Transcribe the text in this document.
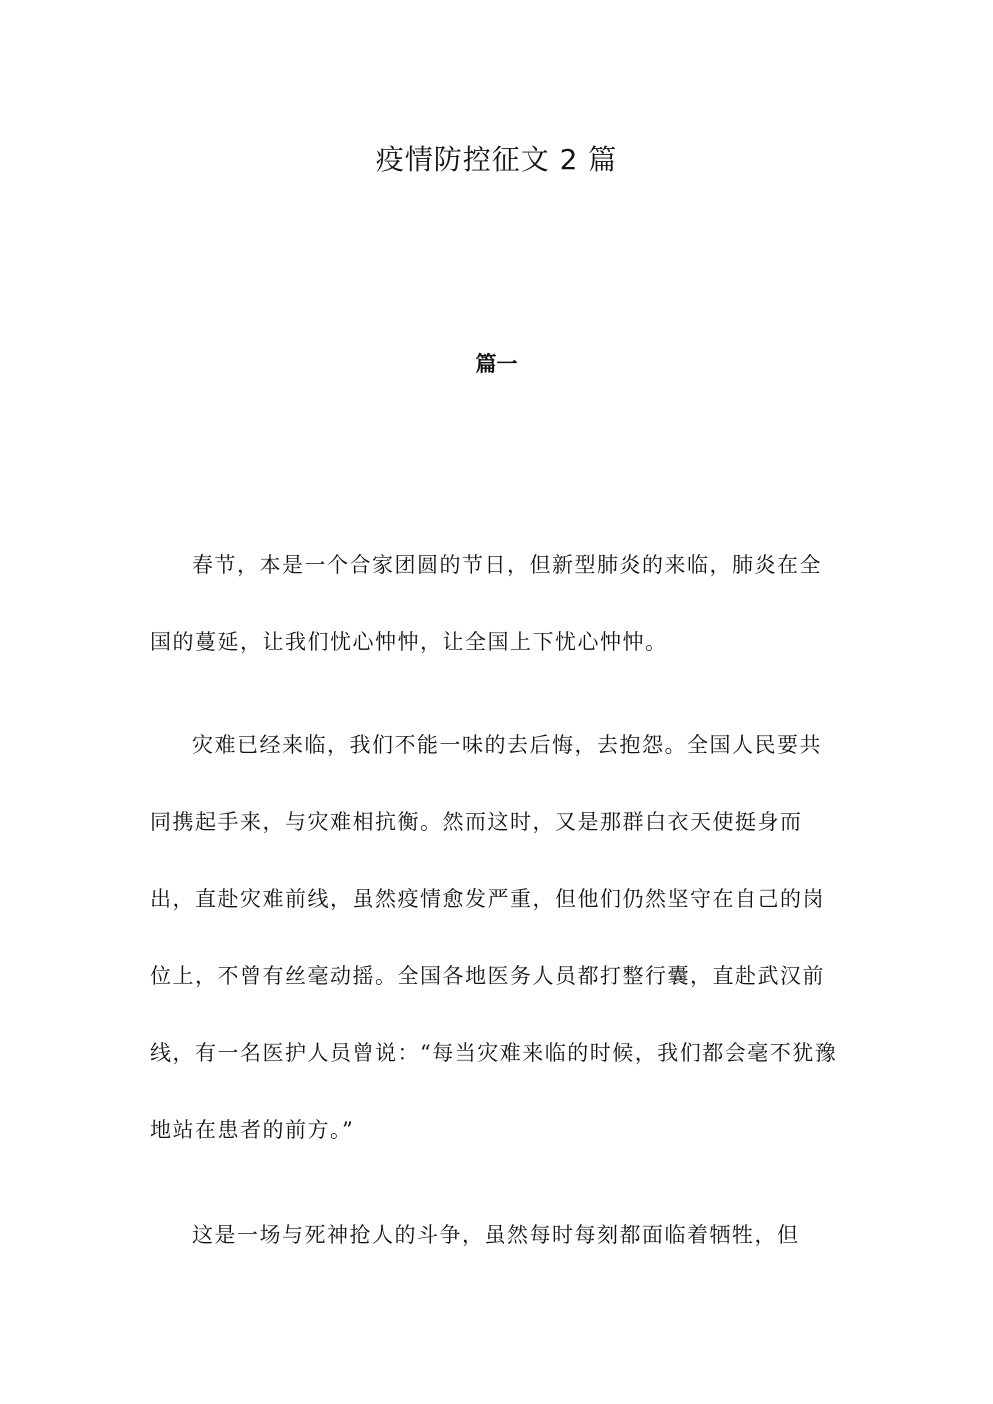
疫情防控征文 2 篇
篇一

春节，本是一个合家团圆的节日，但新型肺炎的来临，肺炎在全国的蔓延，让我们忧心忡忡，让全国上下忧心忡忡。

灾难已经来临，我们不能一味的去后悔，去抱怨。全国人民要共同携起手来，与灾难相抗衡。然而这时，又是那群白衣天使挺身而出，直赴灾难前线，虽然疫情愈发严重，但他们仍然坚守在自己的岗位上，不曾有丝毫动摇。全国各地医务人员都打整行囊，直赴武汉前线，有一名医护人员曾说：“每当灾难来临的时候，我们都会毫不犹豫地站在患者的前方。”

这是一场与死神抢人的斗争，虽然每时每刻都面临着牺牲，但
